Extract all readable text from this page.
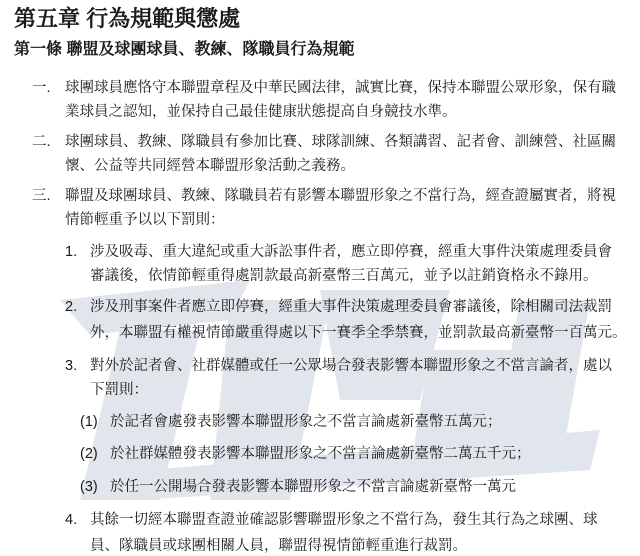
第五章 行為規範與懲處
第一條 聯盟及球團球員、教練、隊職員行為規範
一. 球團球員應恪守本聯盟章程及中華民國法律，誠實比賽，保持本聯盟公眾形象，保有職
業球員之認知，並保持自己最佳健康狀態提高自身競技水準。
二. 球團球員、教練、隊職員有參加比賽、球隊訓練、各類講習、記者會、訓練營、社區關
懷、公益等共同經營本聯盟形象活動之義務。
三. 聯盟及球團球員、教練、隊職員若有影響本聯盟形象之不當行為，經查證屬實者，將視
情節輕重予以以下罰則：
1. 涉及吸毒、重大違紀或重大訴訟事件者，應立即停賽，經重大事件決策處理委員會
審議後，依情節輕重得處罰款最高新臺幣三百萬元，並予以註銷資格永不錄用。
2. 涉及刑事案件者應立即停賽，經重大事件決策處理委員會審議後，除相關司法裁罰
外，本聯盟有權視情節嚴重得處以下一賽季全季禁賽，並罰款最高新臺幣一百萬元。
3. 對外於記者會、社群媒體或任一公眾場合發表影響本聯盟形象之不當言論者，處以
下罰則：
(1) 於記者會處發表影響本聯盟形象之不當言論處新臺幣五萬元；
(2) 於社群媒體發表影響本聯盟形象之不當言論處新臺幣二萬五千元；
(3) 於任一公開場合發表影響本聯盟形象之不當言論處新臺幣一萬元
4. 其餘一切經本聯盟查證並確認影響聯盟形象之不當行為，發生其行為之球團、球
員、隊職員或球團相關人員，聯盟得視情節輕重進行裁罰。
